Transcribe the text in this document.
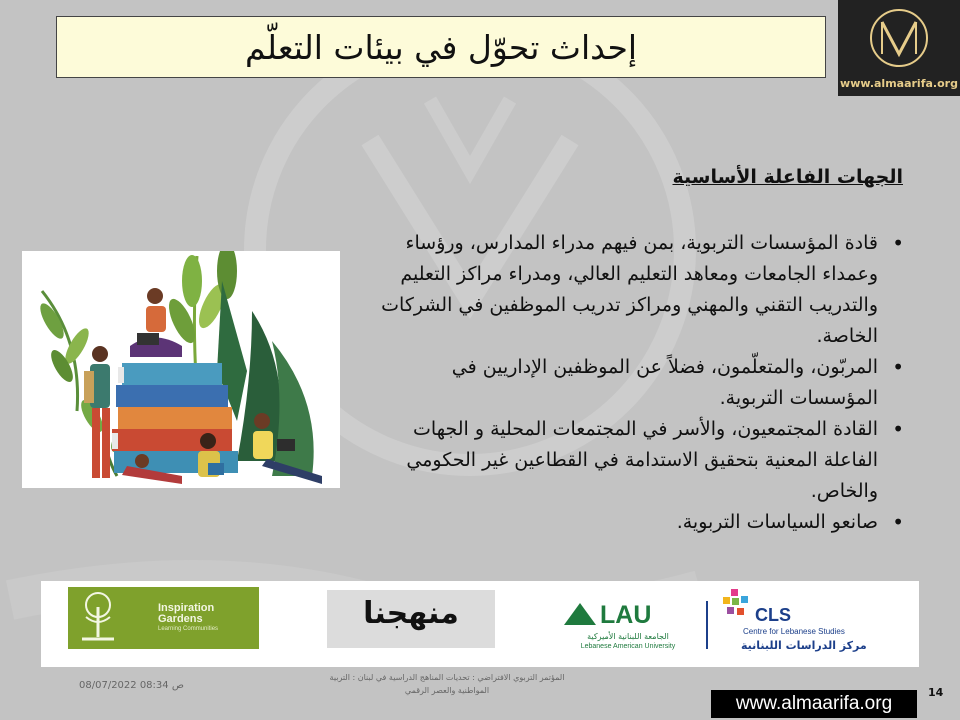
إحداث تحوّل في بيئات التعلّم
www.almaarifa.org
الجهات الفاعلة الأساسية
• قادة المؤسسات التربوية، بمن فيهم مدراء المدارس، ورؤساء وعمداء الجامعات ومعاهد التعليم العالي، ومدراء مراكز التعليم والتدريب التقني والمهني ومراكز تدريب الموظفين في الشركات الخاصة.
• المربّون، والمتعلّمون، فضلاً عن الموظفين الإداريين في المؤسسات التربوية.
• القادة المجتمعيون، والأسر في المجتمعات المحلية و الجهات الفاعلة المعنية بتحقيق الاستدامة في القطاعين غير الحكومي والخاص.
• صانعو السياسات التربوية.
Inspiration
Gardens
Learning Communities	منهجنا	LAU
الجامعة اللبنانية الأميركية
Lebanese American University
CLS
Centre for Lebanese Studies
مركز الدراسات اللبنانية
08/07/2022 08:34 ص
المؤتمر التربوي الافتراضي : تحديات المناهج الدراسية في لبنان : التربية المواطنية والعصر الرقمي	14
www.almaarifa.org
